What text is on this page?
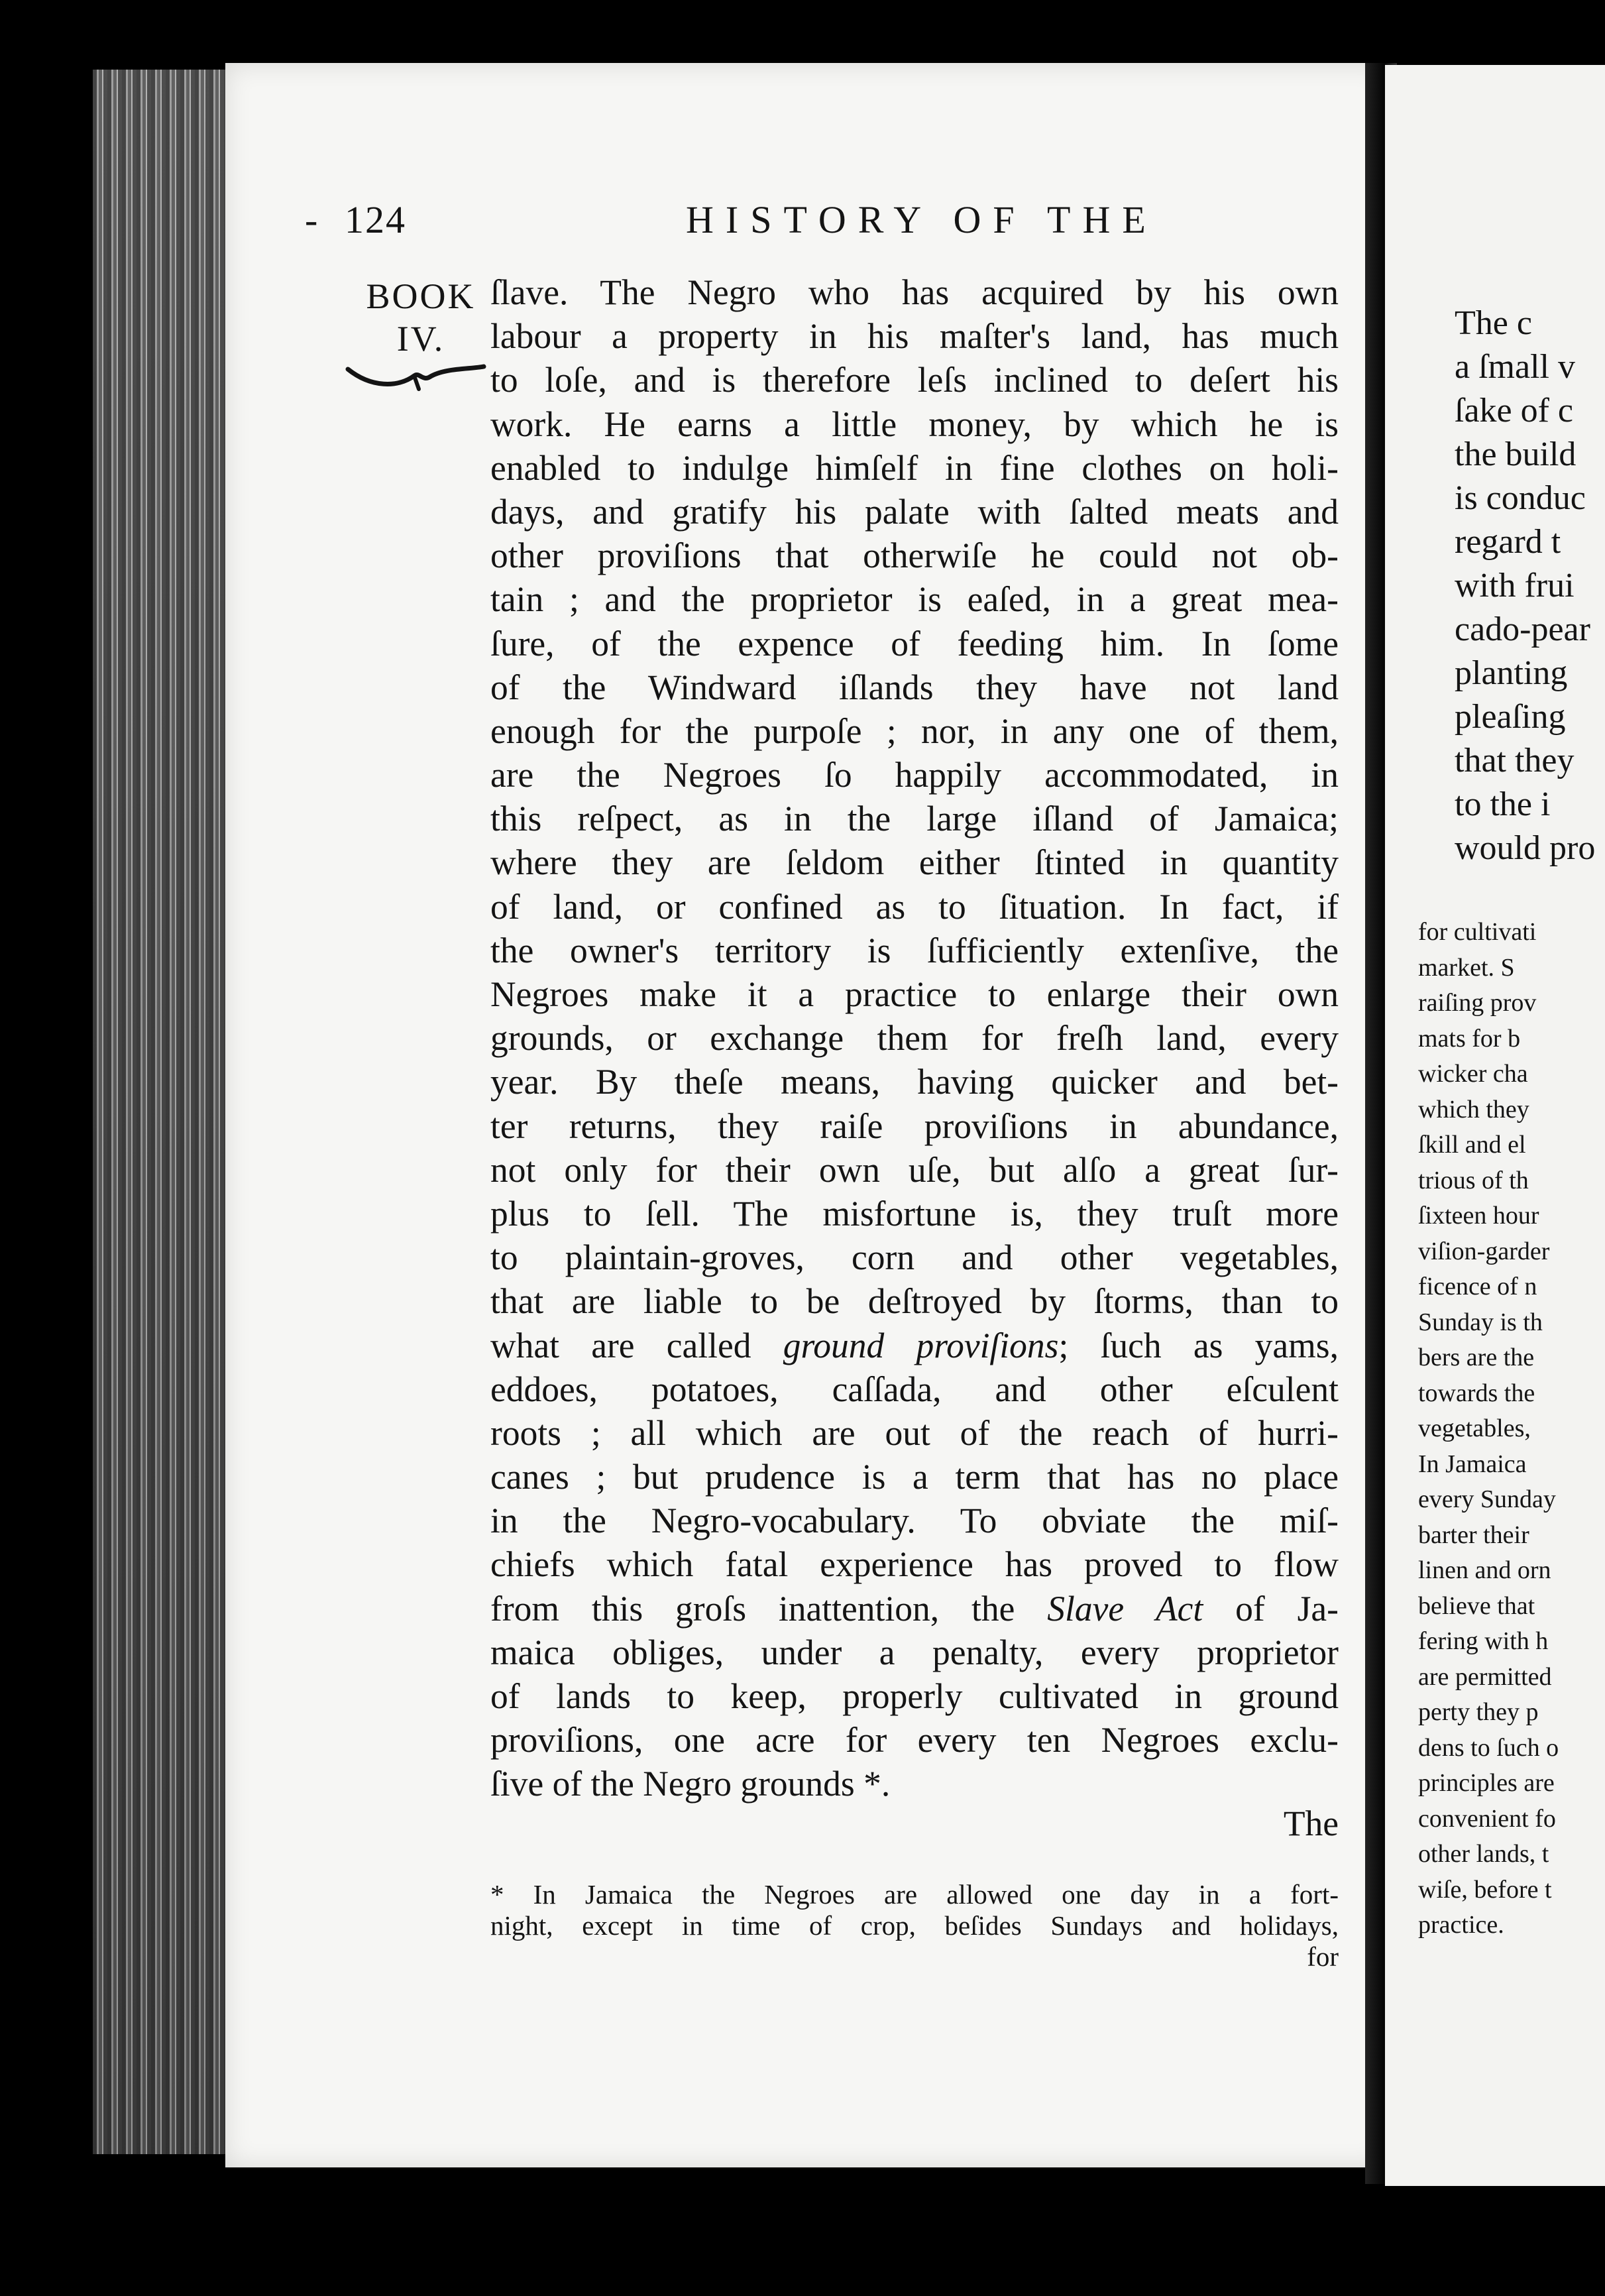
- 124	HISTORY OF THE
BOOK
IV.
ſlave. The Negro who has acquired by his own
labour a property in his maſter's land, has much
to loſe, and is therefore leſs inclined to deſert his
work. He earns a little money, by which he is
enabled to indulge himſelf in fine clothes on holi-
days, and gratify his palate with ſalted meats and
other proviſions that otherwiſe he could not ob-
tain ; and the proprietor is eaſed, in a great mea-
ſure, of the expence of feeding him. In ſome
of the Windward iſlands they have not land
enough for the purpoſe ; nor, in any one of them,
are the Negroes ſo happily accommodated, in
this reſpect, as in the large iſland of Jamaica;
where they are ſeldom either ſtinted in quantity
of land, or confined as to ſituation. In fact, if
the owner's territory is ſufficiently extenſive, the
Negroes make it a practice to enlarge their own
grounds, or exchange them for freſh land, every
year. By theſe means, having quicker and bet-
ter returns, they raiſe proviſions in abundance,
not only for their own uſe, but alſo a great ſur-
plus to ſell. The misfortune is, they truſt more
to plaintain-groves, corn and other vegetables,
that are liable to be deſtroyed by ſtorms, than to
what are called ground proviſions; ſuch as yams,
eddoes, potatoes, caſſada, and other eſculent
roots ; all which are out of the reach of hurri-
canes ; but prudence is a term that has no place
in the Negro-vocabulary. To obviate the miſ-
chiefs which fatal experience has proved to flow
from this groſs inattention, the Slave Act of Ja-
maica obliges, under a penalty, every proprietor
of lands to keep, properly cultivated in ground
proviſions, one acre for every ten Negroes exclu-
ſive of the Negro grounds *.
The
* In Jamaica the Negroes are allowed one day in a fort-
night, except in time of crop, beſides Sundays and holidays,
for
The c
a ſmall v
ſake of c
the build
is conduc
regard t
with frui
cado-pear
planting
pleaſing
that they
to the i
would pro
for cultivati
market. S
raiſing prov
mats for b
wicker cha
which they
ſkill and el
trious of th
ſixteen hour
viſion-garder
ficence of n
Sunday is th
bers are the
towards the
vegetables,
In Jamaica
every Sunday
barter their
linen and orn
believe that
fering with h
are permitted
perty they p
dens to ſuch o
principles are
convenient fo
other lands, t
wiſe, before t
practice.
